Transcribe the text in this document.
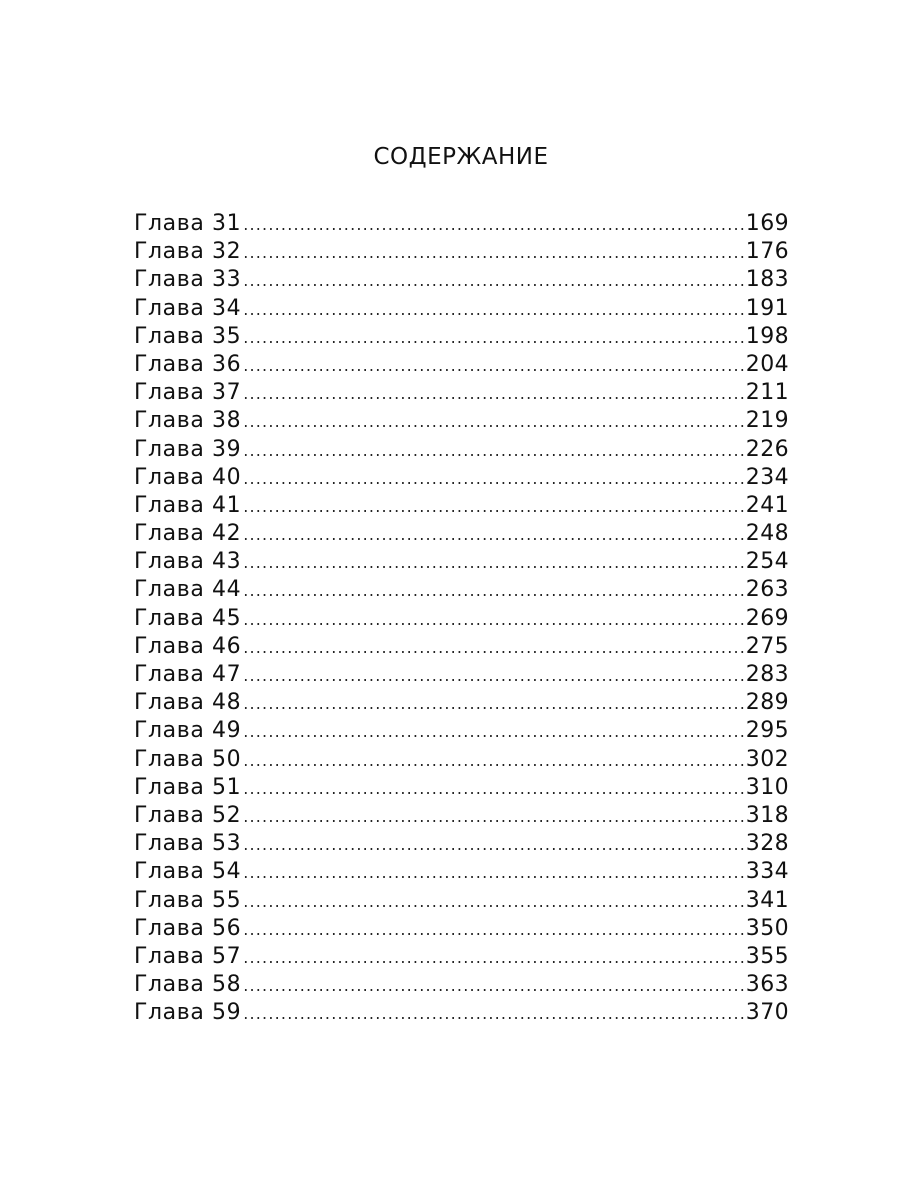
СОДЕРЖАНИЕ
Глава 31 .....	169
Глава 32 .....	176
Глава 33 .....	183
Глава 34 .....	191
Глава 35 .....	198
Глава 36 .....	204
Глава 37 .....	211
Глава 38 .....	219
Глава 39 .....	226
Глава 40 .....	234
Глава 41 .....	241
Глава 42 .....	248
Глава 43 .....	254
Глава 44 .....	263
Глава 45 .....	269
Глава 46 .....	275
Глава 47 .....	283
Глава 48 .....	289
Глава 49 .....	295
Глава 50 .....	302
Глава 51 .....	310
Глава 52 .....	318
Глава 53 .....	328
Глава 54 .....	334
Глава 55 .....	341
Глава 56 .....	350
Глава 57 .....	355
Глава 58 .....	363
Глава 59 .....	370
